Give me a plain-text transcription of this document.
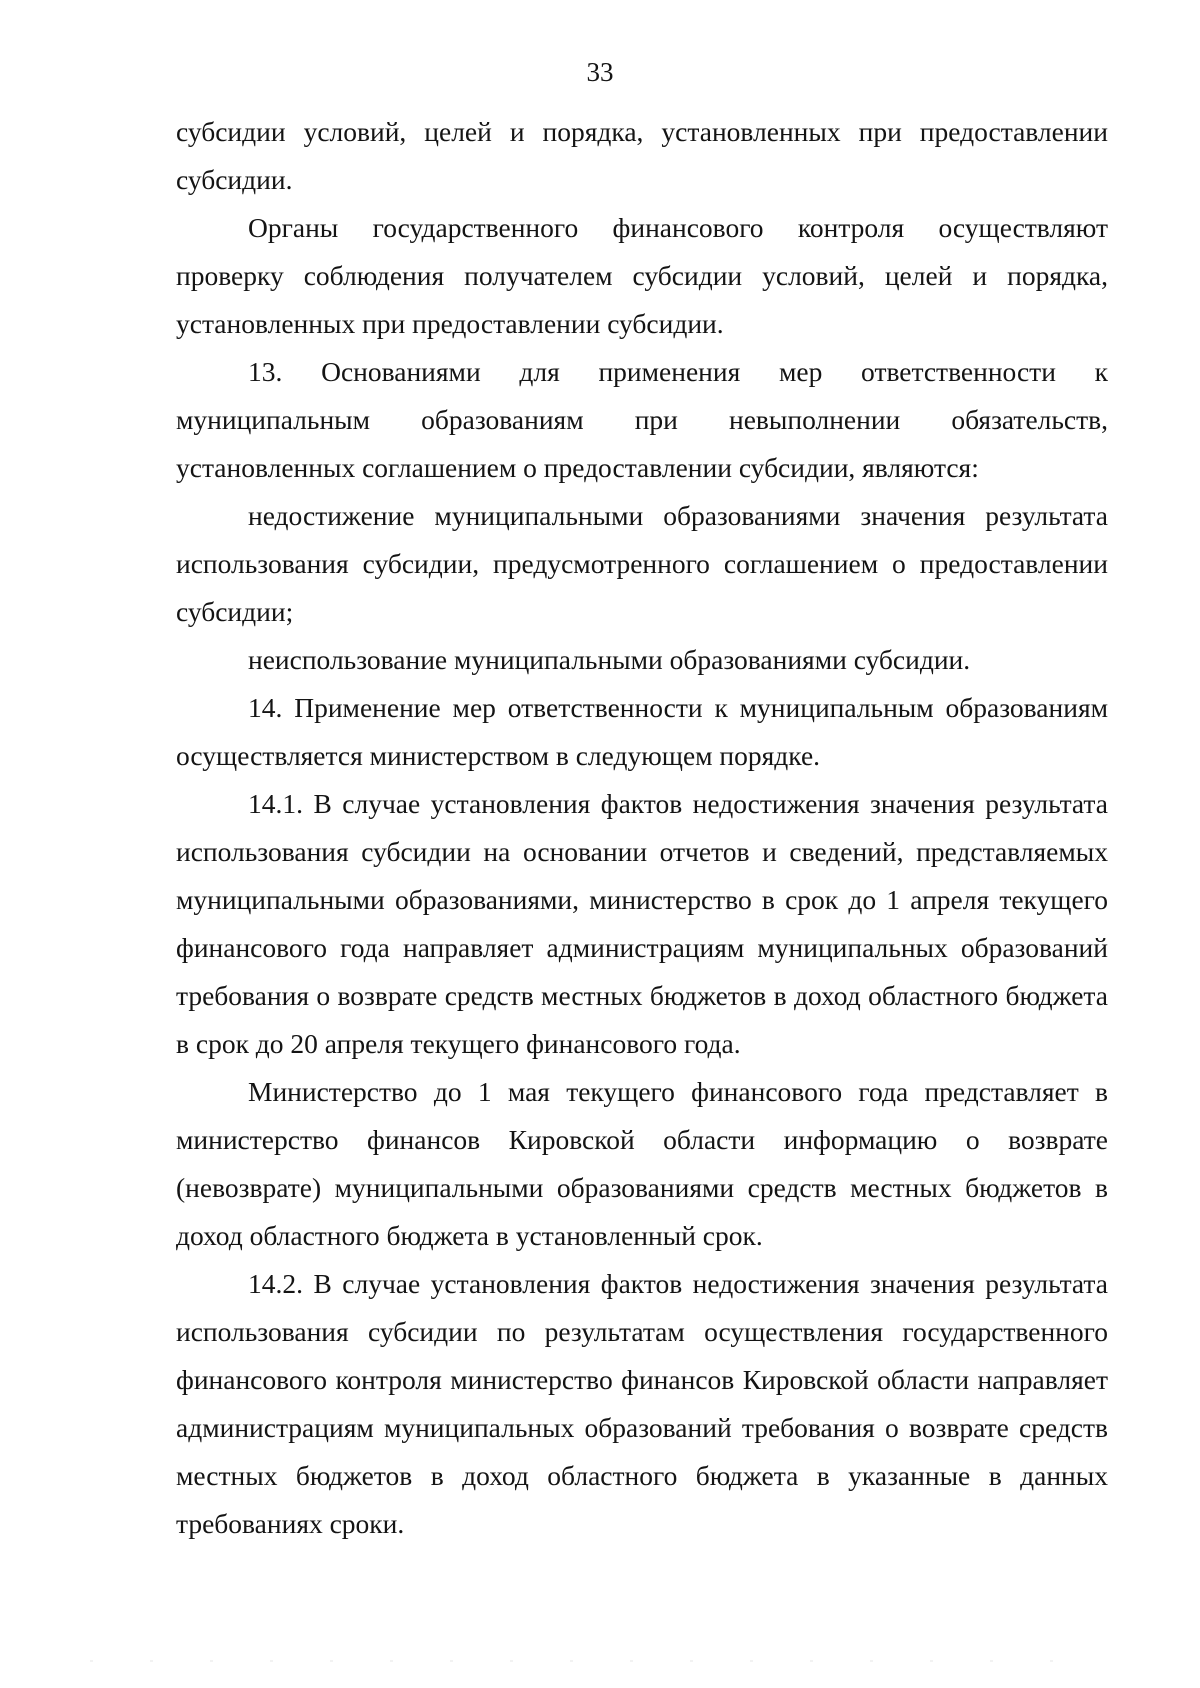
33

субсидии условий, целей и порядка, установленных при предоставлении субсидии.

Органы государственного финансового контроля осуществляют проверку соблюдения получателем субсидии условий, целей и порядка, установленных при предоставлении субсидии.

13. Основаниями для применения мер ответственности к муниципальным образованиям при невыполнении обязательств, установленных соглашением о предоставлении субсидии, являются:

недостижение муниципальными образованиями значения результата использования субсидии, предусмотренного соглашением о предоставлении субсидии;

неиспользование муниципальными образованиями субсидии.

14. Применение мер ответственности к муниципальным образованиям осуществляется министерством в следующем порядке.

14.1. В случае установления фактов недостижения значения результата использования субсидии на основании отчетов и сведений, представляемых муниципальными образованиями, министерство в срок до 1 апреля текущего финансового года направляет администрациям муниципальных образований требования о возврате средств местных бюджетов в доход областного бюджета в срок до 20 апреля текущего финансового года.

Министерство до 1 мая текущего финансового года представляет в министерство финансов Кировской области информацию о возврате (невозврате) муниципальными образованиями средств местных бюджетов в доход областного бюджета в установленный срок.

14.2. В случае установления фактов недостижения значения результата использования субсидии по результатам осуществления государственного финансового контроля министерство финансов Кировской области направляет администрациям муниципальных образований требования о возврате средств местных бюджетов в доход областного бюджета в указанные в данных требованиях сроки.
